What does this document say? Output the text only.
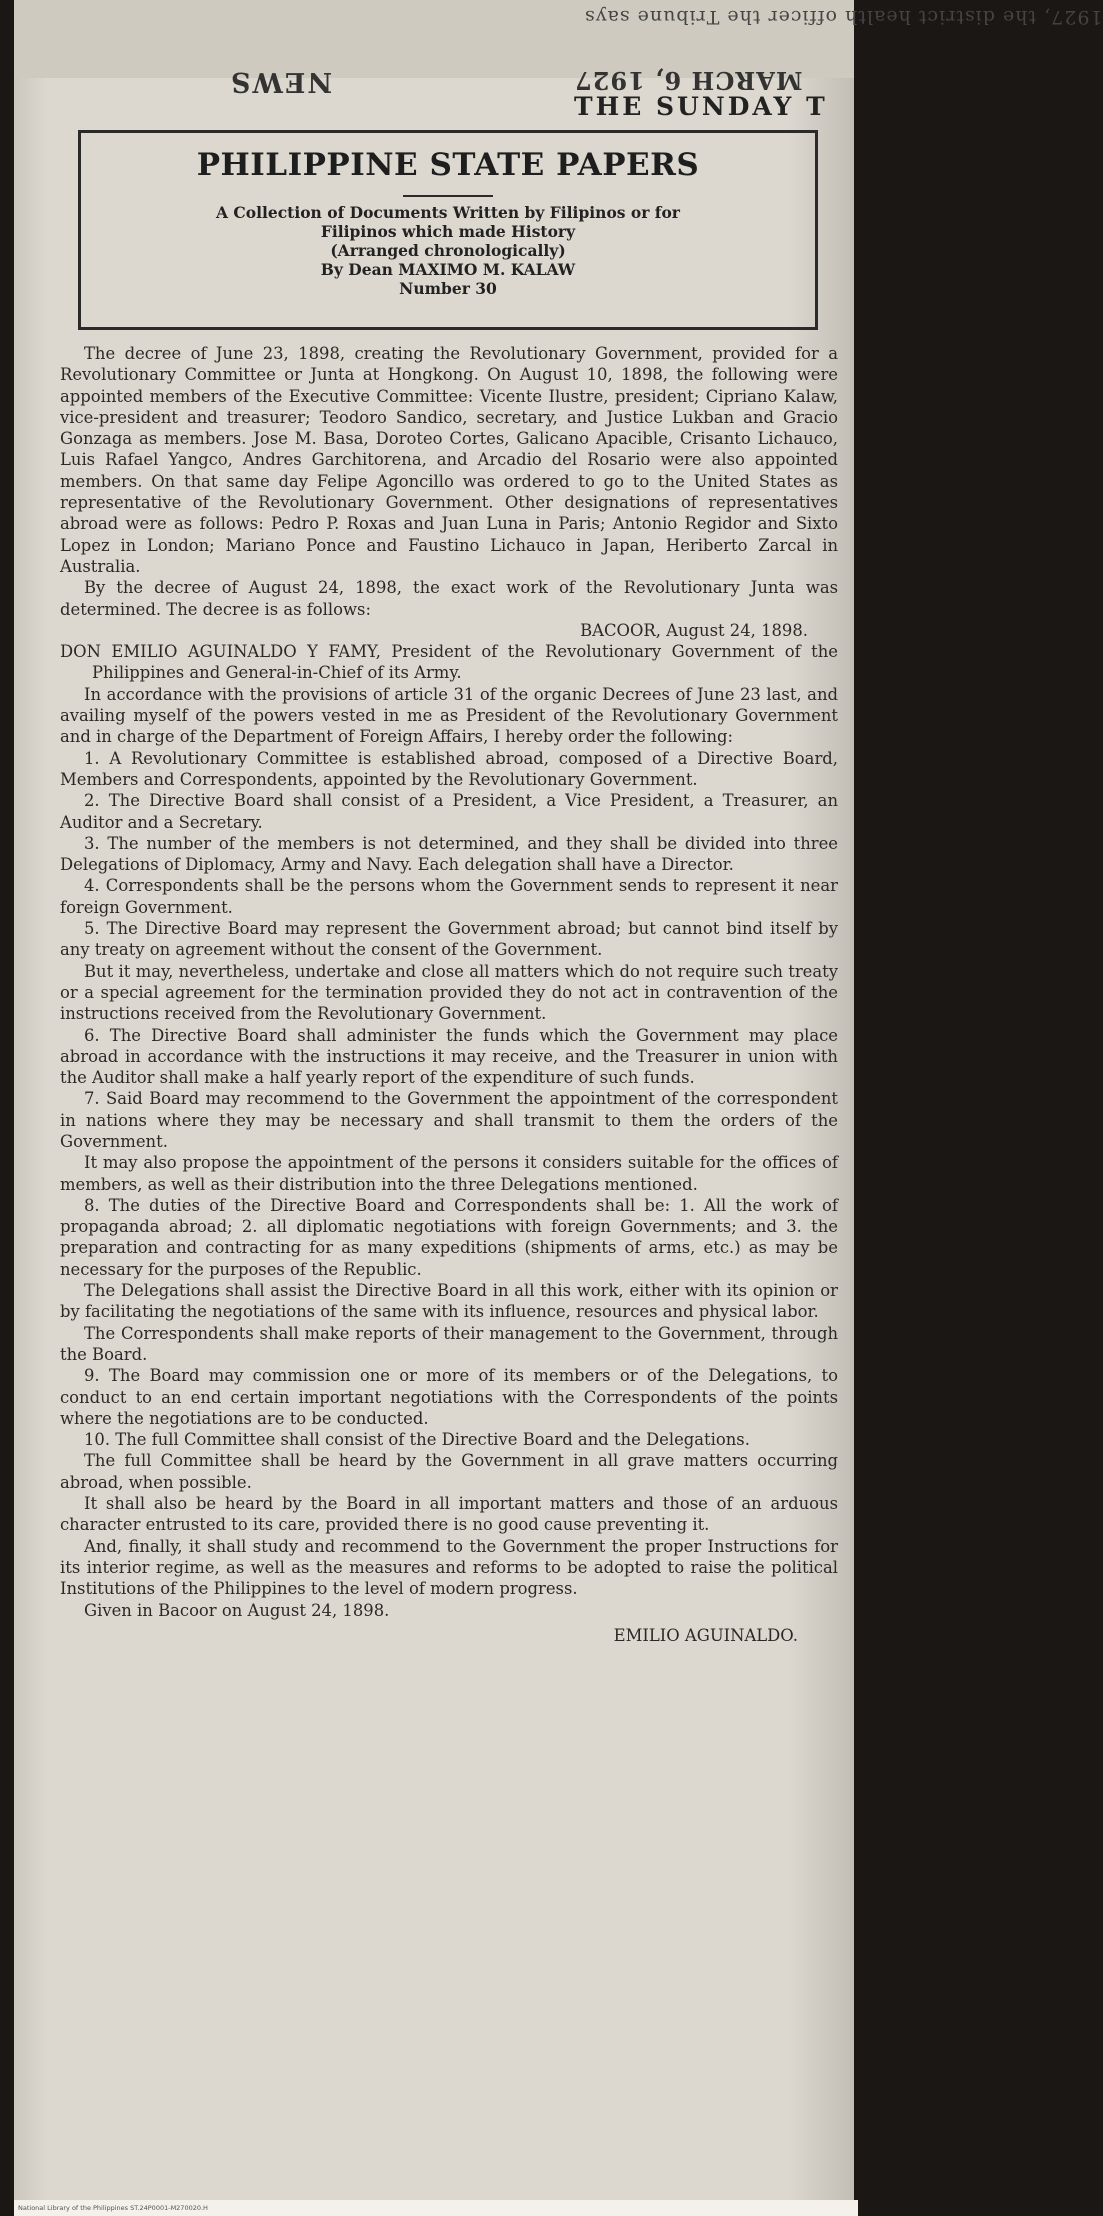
1927, the district health officer the Tribune says
NEWS	MARCH 6, 1927
THE SUNDAY T
PHILIPPINE STATE PAPERS

A Collection of Documents Written by Filipinos or for

Filipinos which made History

(Arranged chronologically)

By Dean MAXIMO M. KALAW

Number 30

The decree of June 23, 1898, creating the Revolutionary Government, provided for a Revolutionary Committee or Junta at Hongkong. On August 10, 1898, the following were appointed members of the Executive Committee: Vicente Ilustre, president; Cipriano Kalaw, vice-president and treasurer; Teodoro Sandico, secretary, and Justice Lukban and Gracio Gonzaga as members. Jose M. Basa, Doroteo Cortes, Galicano Apacible, Crisanto Lichauco, Luis Rafael Yangco, Andres Garchitorena, and Arcadio del Rosario were also appointed members. On that same day Felipe Agoncillo was ordered to go to the United States as representative of the Revolutionary Government. Other designations of representatives abroad were as follows: Pedro P. Roxas and Juan Luna in Paris; Antonio Regidor and Sixto Lopez in London; Mariano Ponce and Faustino Lichauco in Japan, Heriberto Zarcal in Australia.

By the decree of August 24, 1898, the exact work of the Revolutionary Junta was determined. The decree is as follows:

BACOOR, August 24, 1898.

DON EMILIO AGUINALDO Y FAMY, President of the Revolutionary Government of the Philippines and General-in-Chief of its Army.

In accordance with the provisions of article 31 of the organic Decrees of June 23 last, and availing myself of the powers vested in me as President of the Revolutionary Government and in charge of the Department of Foreign Affairs, I hereby order the following:

1. A Revolutionary Committee is established abroad, composed of a Directive Board, Members and Correspondents, appointed by the Revolutionary Government.

2. The Directive Board shall consist of a President, a Vice President, a Treasurer, an Auditor and a Secretary.

3. The number of the members is not determined, and they shall be divided into three Delegations of Diplomacy, Army and Navy. Each delegation shall have a Director.

4. Correspondents shall be the persons whom the Government sends to represent it near foreign Government.

5. The Directive Board may represent the Government abroad; but cannot bind itself by any treaty on agreement without the consent of the Government.

But it may, nevertheless, undertake and close all matters which do not require such treaty or a special agreement for the termination provided they do not act in contravention of the instructions received from the Revolutionary Government.

6. The Directive Board shall administer the funds which the Government may place abroad in accordance with the instructions it may receive, and the Treasurer in union with the Auditor shall make a half yearly report of the expenditure of such funds.

7. Said Board may recommend to the Government the appointment of the correspondent in nations where they may be necessary and shall transmit to them the orders of the Government.

It may also propose the appointment of the persons it considers suitable for the offices of members, as well as their distribution into the three Delegations mentioned.

8. The duties of the Directive Board and Correspondents shall be: 1. All the work of propaganda abroad; 2. all diplomatic negotiations with foreign Governments; and 3. the preparation and contracting for as many expeditions (shipments of arms, etc.) as may be necessary for the purposes of the Republic.

The Delegations shall assist the Directive Board in all this work, either with its opinion or by facilitating the negotiations of the same with its influence, resources and physical labor.

The Correspondents shall make reports of their management to the Government, through the Board.

9. The Board may commission one or more of its members or of the Delegations, to conduct to an end certain important negotiations with the Correspondents of the points where the negotiations are to be conducted.

10. The full Committee shall consist of the Directive Board and the Delegations.

The full Committee shall be heard by the Government in all grave matters occurring abroad, when possible.

It shall also be heard by the Board in all important matters and those of an arduous character entrusted to its care, provided there is no good cause preventing it.

And, finally, it shall study and recommend to the Government the proper Instructions for its interior regime, as well as the measures and reforms to be adopted to raise the political Institutions of the Philippines to the level of modern progress.

Given in Bacoor on August 24, 1898.

EMILIO AGUINALDO.

National Library of the Philippines ST.24P0001-M270020.H
